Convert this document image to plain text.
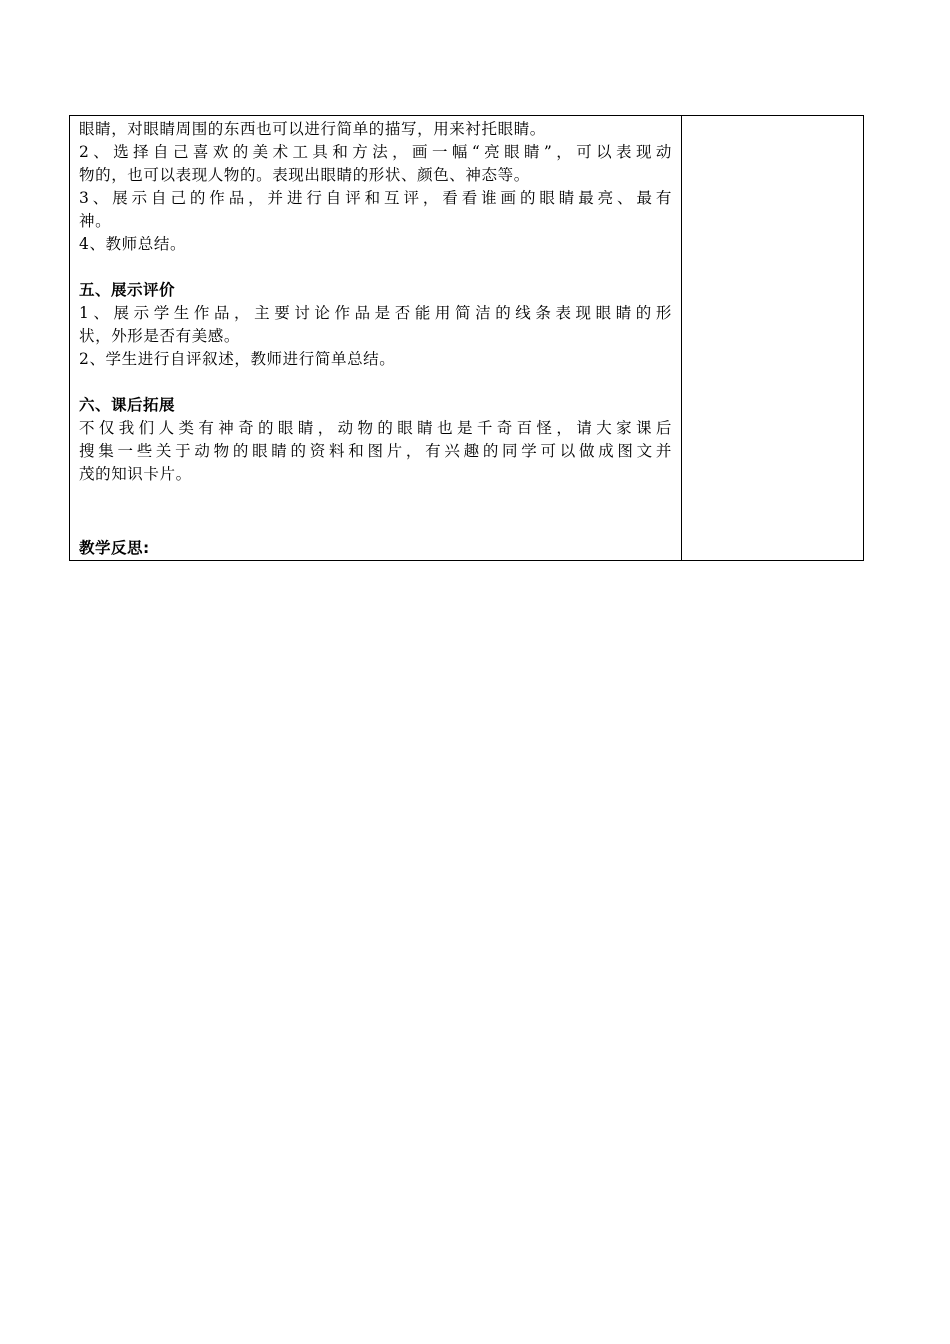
眼睛，对眼睛周围的东西也可以进行简单的描写，用来衬托眼睛。
2、选择自己喜欢的美术工具和方法，画一幅“亮眼睛”，可以表现动
物的，也可以表现人物的。表现出眼睛的形状、颜色、神态等。
3、展示自己的作品，并进行自评和互评，看看谁画的眼睛最亮、最有
神。
4、教师总结。
五、展示评价
1、展示学生作品，主要讨论作品是否能用简洁的线条表现眼睛的形
状，外形是否有美感。
2、学生进行自评叙述，教师进行简单总结。
六、课后拓展
不仅我们人类有神奇的眼睛，动物的眼睛也是千奇百怪，请大家课后
搜集一些关于动物的眼睛的资料和图片，有兴趣的同学可以做成图文并
茂的知识卡片。
教学反思:
